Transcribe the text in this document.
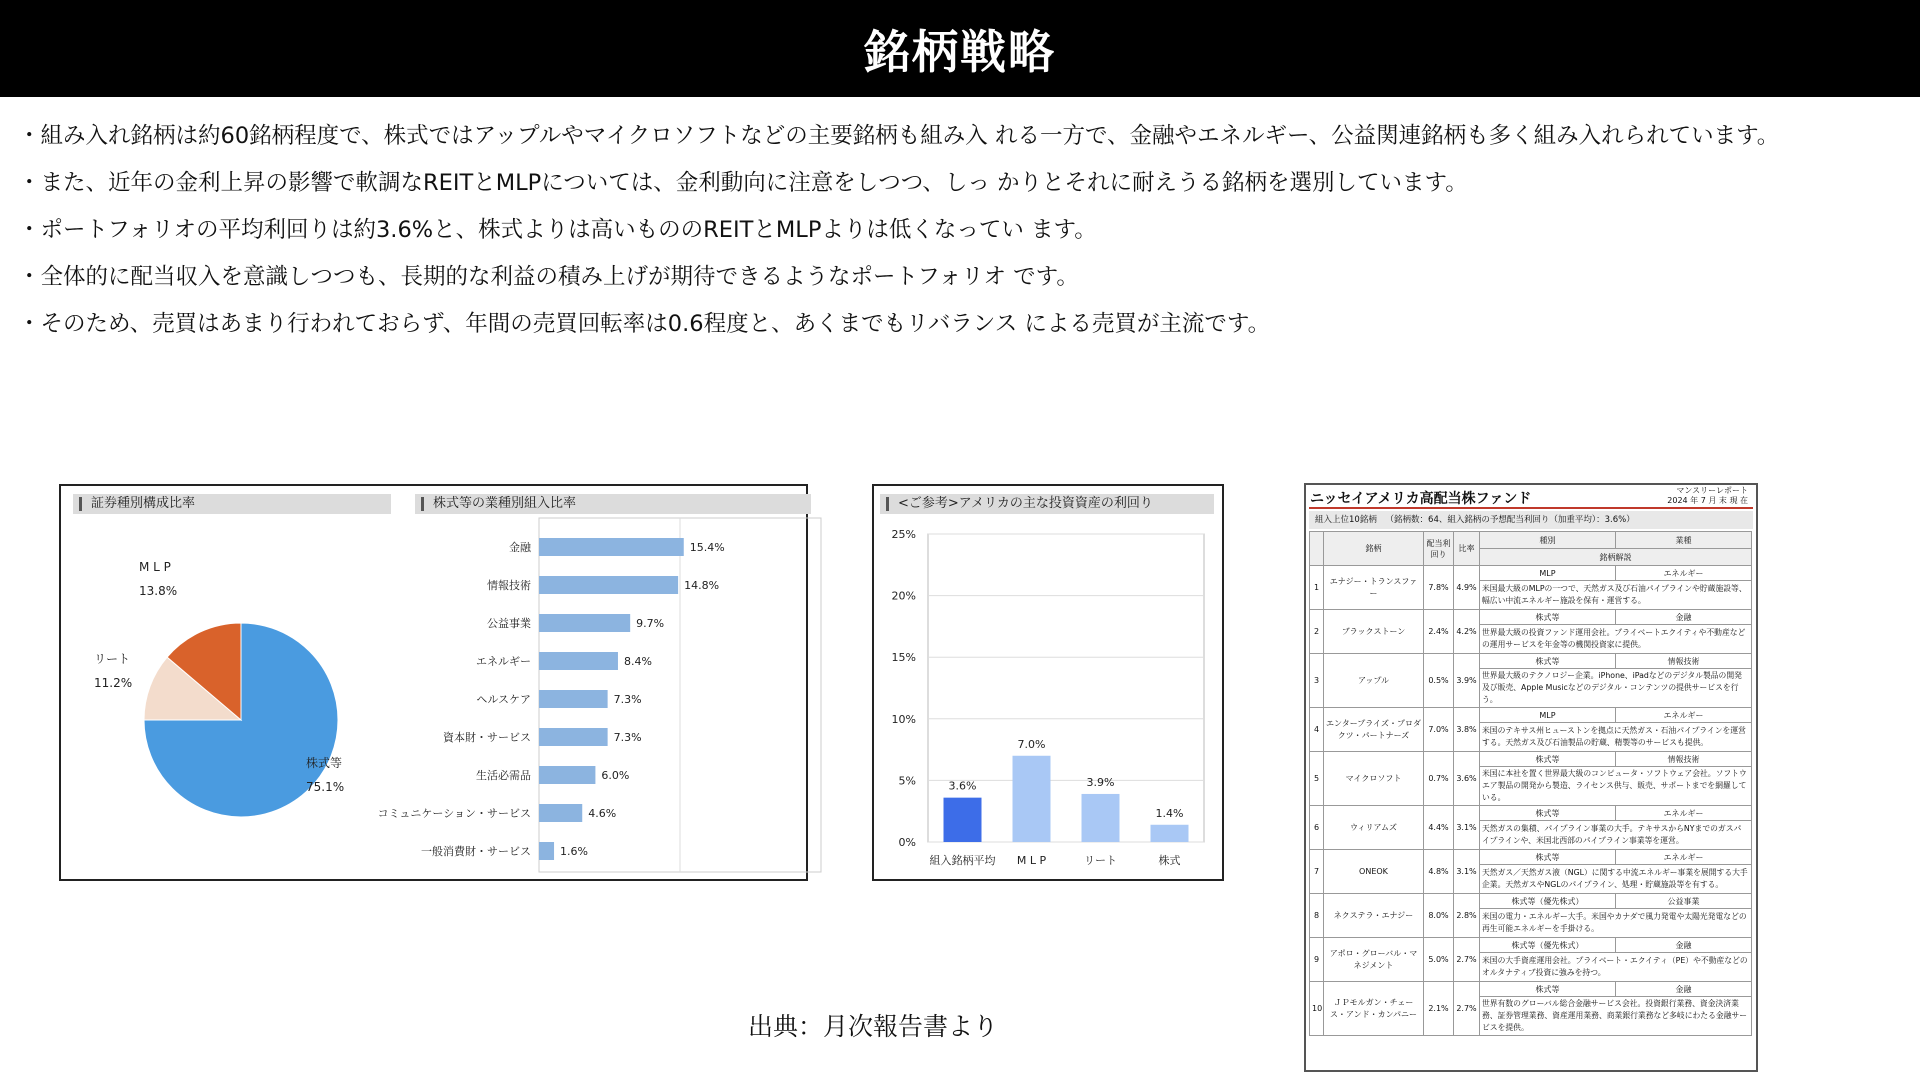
銘柄戦略
・組み入れ銘柄は約60銘柄程度で、株式ではアップルやマイクロソフトなどの主要銘柄も組み入 れる一方で、金融やエネルギー、公益関連銘柄も多く組み入れられています。
・また、近年の金利上昇の影響で軟調なREITとMLPについては、金利動向に注意をしつつ、しっ かりとそれに耐えうる銘柄を選別しています。
・ポートフォリオの平均利回りは約3.6%と、株式よりは高いもののREITとMLPよりは低くなってい ます。
・全体的に配当収入を意識しつつも、長期的な利益の積み上げが期待できるようなポートフォリオ です。
・そのため、売買はあまり行われておらず、年間の売買回転率は0.6程度と、あくまでもリバランス による売買が主流です。
証券種別構成比率	株式等の業種別組入比率
株式等
75.1%
リート
11.2%
M L P
13.8%
金融	15.4%
情報技術	14.8%
公益事業	9.7%
エネルギー	8.4%
ヘルスケア	7.3%
資本財・サービス	7.3%
生活必需品	6.0%
コミュニケーション・サービス	4.6%
一般消費財・サービス	1.6%
<ご参考>アメリカの主な投資資産の利回り
0%
5%
10%
15%
20%
25%
3.6%
組入銘柄平均
7.0%
M L P
3.9%
リート
1.4%
株式
ニッセイアメリカ高配当株ファンド
マンスリーレポート
2024 年 7 月 末 現 在
組入上位10銘柄 （銘柄数：64、組入銘柄の予想配当利回り（加重平均）：3.6%）
	銘柄	配当利回り	比率	種別	業種
				銘柄解説	
1	エナジー・トランスファー	7.8%	4.9%	MLP	エネルギー
				米国最大級のMLPの一つで、天然ガス及び石油パイプラインや貯蔵施設等、幅広い中流エネルギー施設を保有・運営する。	
2	ブラックストーン	2.4%	4.2%	株式等	金融
				世界最大級の投資ファンド運用会社。プライベートエクイティや不動産などの運用サービスを年金等の機関投資家に提供。	
3	アップル	0.5%	3.9%	株式等	情報技術
				世界最大級のテクノロジー企業。iPhone、iPadなどのデジタル製品の開発及び販売、Apple Musicなどのデジタル・コンテンツの提供サービスを行う。	
4	エンタープライズ・プロダクツ・パートナーズ	7.0%	3.8%	MLP	エネルギー
				米国のテキサス州ヒューストンを拠点に天然ガス・石油パイプラインを運営する。天然ガス及び石油製品の貯蔵、精製等のサービスも提供。	
5	マイクロソフト	0.7%	3.6%	株式等	情報技術
				米国に本社を置く世界最大級のコンピュータ・ソフトウェア会社。ソフトウエア製品の開発から製造、ライセンス供与、販売、サポートまでを網羅している。	
6	ウィリアムズ	4.4%	3.1%	株式等	エネルギー
				天然ガスの集積、パイプライン事業の大手。テキサスからNYまでのガスパイプラインや、米国北西部のパイプライン事業等を運営。	
7	ONEOK	4.8%	3.1%	株式等	エネルギー
				天然ガス／天然ガス液（NGL）に関する中流エネルギー事業を展開する大手企業。天然ガスやNGLのパイプライン、処理・貯蔵施設等を有する。	
8	ネクステラ・エナジー	8.0%	2.8%	株式等（優先株式）	公益事業
				米国の電力・エネルギー大手。米国やカナダで風力発電や太陽光発電などの再生可能エネルギーを手掛ける。	
9	アポロ・グローバル・マネジメント	5.0%	2.7%	株式等（優先株式）	金融
				米国の大手資産運用会社。プライベート・エクイティ（PE）や不動産などのオルタナティブ投資に強みを持つ。	
10	ＪＰモルガン・チェース・アンド・カンパニー	2.1%	2.7%	株式等	金融
				世界有数のグローバル総合金融サービス会社。投資銀行業務、資金決済業務、証券管理業務、資産運用業務、商業銀行業務など多岐にわたる金融サービスを提供。	
出典：月次報告書より
